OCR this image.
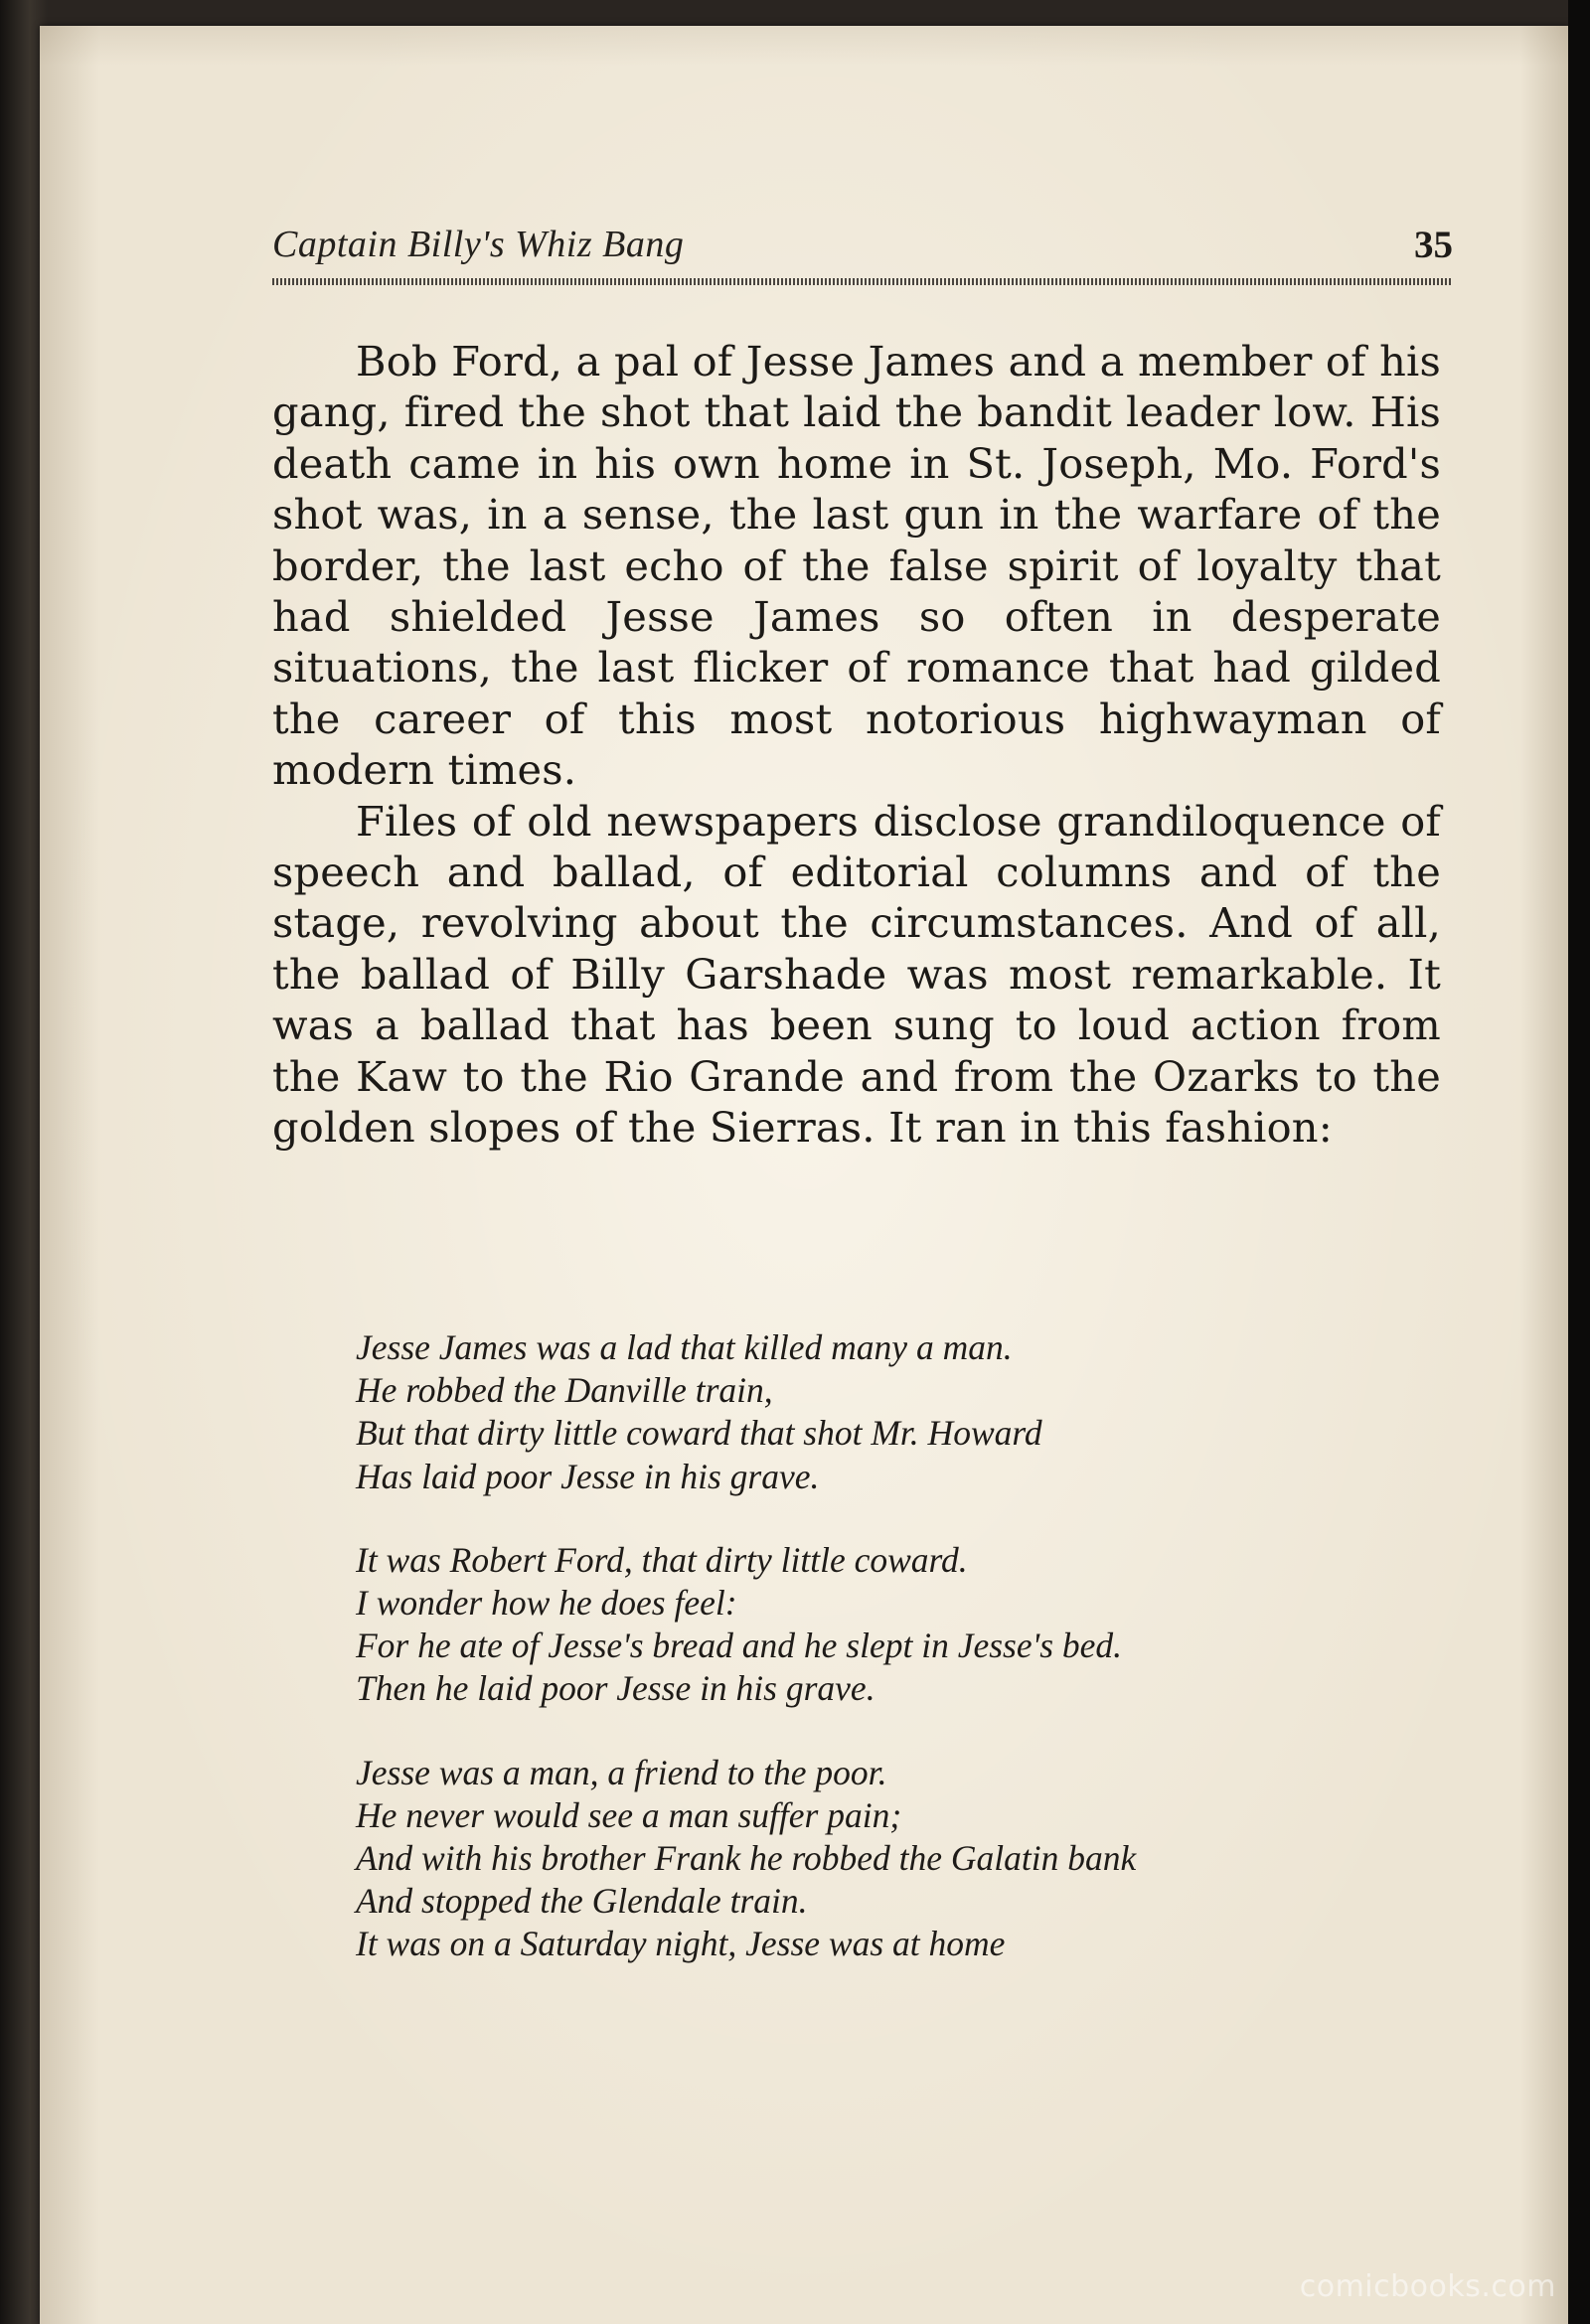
Captain Billy's Whiz Bang	35

Bob Ford, a pal of Jesse James and a member of his gang, fired the shot that laid the bandit leader low. His death came in his own home in St. Joseph, Mo. Ford's shot was, in a sense, the last gun in the warfare of the border, the last echo of the false spirit of loyalty that had shielded Jesse James so often in desperate situations, the last flicker of romance that had gilded the career of this most notorious highwayman of modern times.

Files of old newspapers disclose grandiloquence of speech and ballad, of editorial columns and of the stage, revolving about the circumstances. And of all, the ballad of Billy Garshade was most remarkable. It was a ballad that has been sung to loud action from the Kaw to the Rio Grande and from the Ozarks to the golden slopes of the Sierras. It ran in this fashion:

Jesse James was a lad that killed many a man.
He robbed the Danville train,
But that dirty little coward that shot Mr. Howard
Has laid poor Jesse in his grave.
It was Robert Ford, that dirty little coward.
I wonder how he does feel:
For he ate of Jesse's bread and he slept in Jesse's bed.
Then he laid poor Jesse in his grave.
Jesse was a man, a friend to the poor.
He never would see a man suffer pain;
And with his brother Frank he robbed the Galatin bank
And stopped the Glendale train.
It was on a Saturday night, Jesse was at home
comicbooks.com
